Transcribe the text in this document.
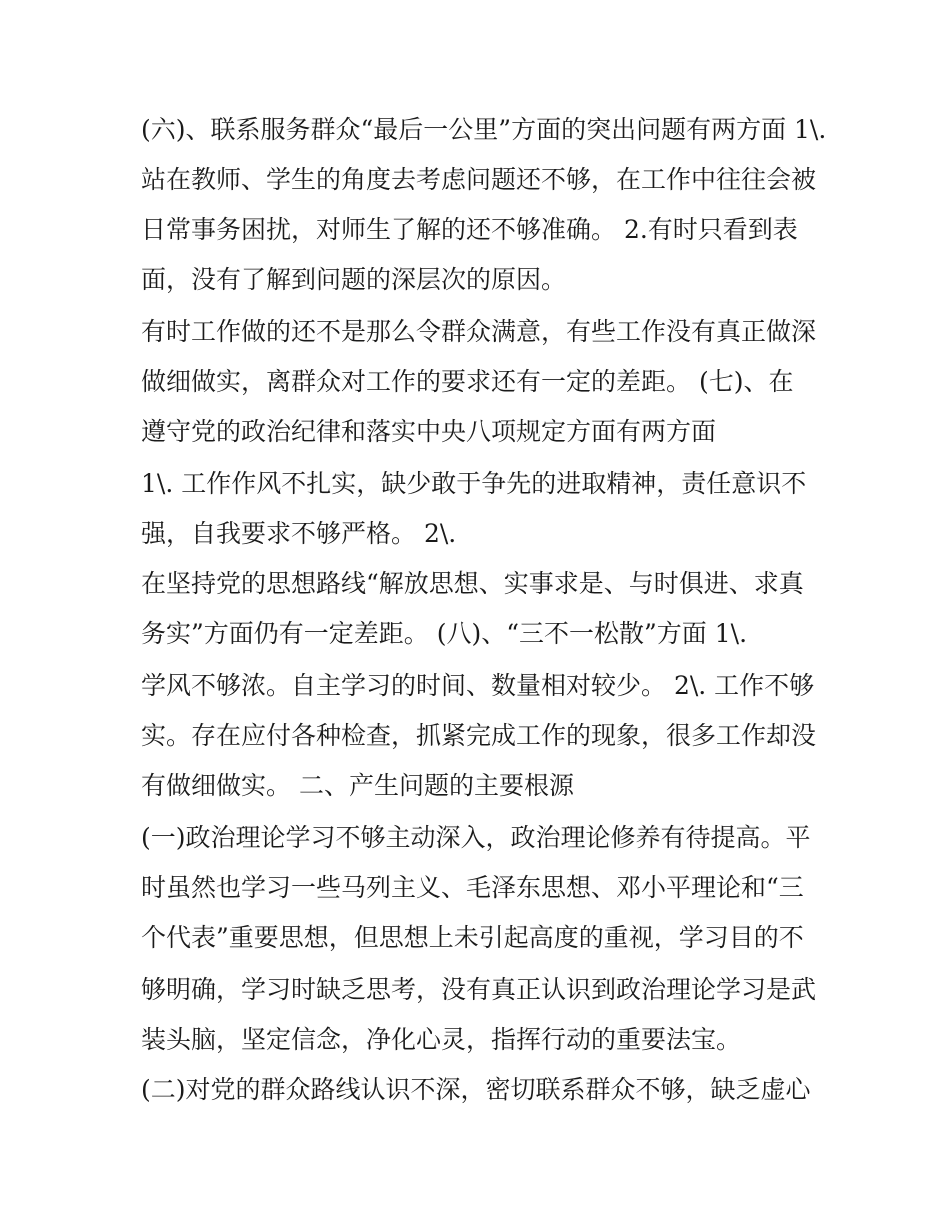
(六)、联系服务群众“最后一公里”方面的突出问题有两方面 1\.
站在教师、学生的角度去考虑问题还不够，在工作中往往会被
日常事务困扰，对师生了解的还不够准确。 2.有时只看到表
面，没有了解到问题的深层次的原因。
有时工作做的还不是那么令群众满意，有些工作没有真正做深
做细做实，离群众对工作的要求还有一定的差距。 (七)、在
遵守党的政治纪律和落实中央八项规定方面有两方面
1\. 工作作风不扎实，缺少敢于争先的进取精神，责任意识不
强，自我要求不够严格。 2\.
在坚持党的思想路线“解放思想、实事求是、与时俱进、求真
务实”方面仍有一定差距。 (八)、“三不一松散”方面 1\.
学风不够浓。自主学习的时间、数量相对较少。 2\. 工作不够
实。存在应付各种检查，抓紧完成工作的现象，很多工作却没
有做细做实。 二、产生问题的主要根源
(一)政治理论学习不够主动深入，政治理论修养有待提高。平
时虽然也学习一些马列主义、毛泽东思想、邓小平理论和“三
个代表”重要思想，但思想上未引起高度的重视，学习目的不
够明确，学习时缺乏思考，没有真正认识到政治理论学习是武
装头脑，坚定信念，净化心灵，指挥行动的重要法宝。
(二)对党的群众路线认识不深，密切联系群众不够，缺乏虚心
